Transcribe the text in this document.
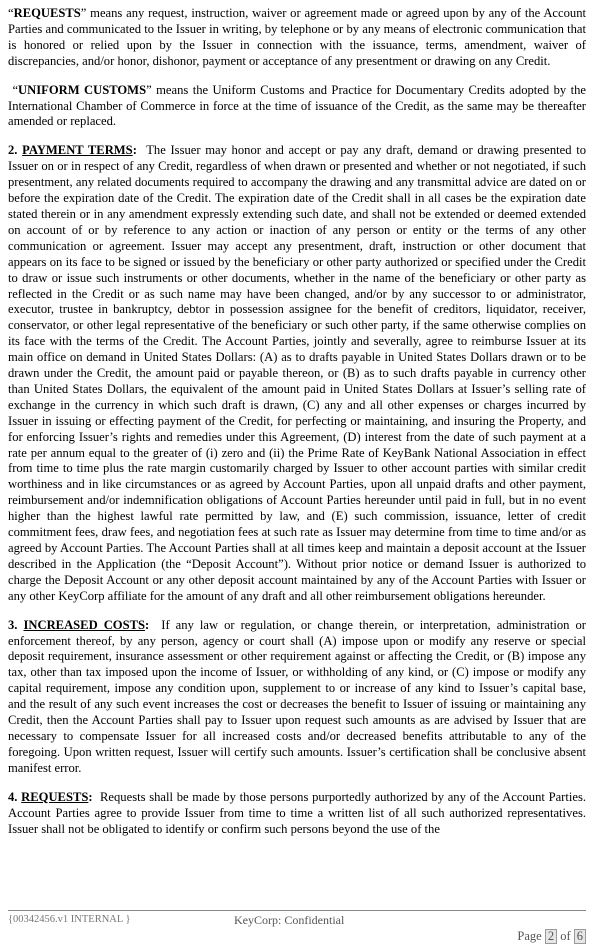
“REQUESTS” means any request, instruction, waiver or agreement made or agreed upon by any of the Account Parties and communicated to the Issuer in writing, by telephone or by any means of electronic communication that is honored or relied upon by the Issuer in connection with the issuance, terms, amendment, waiver of discrepancies, and/or honor, dishonor, payment or acceptance of any presentment or drawing on any Credit.

“UNIFORM CUSTOMS” means the Uniform Customs and Practice for Documentary Credits adopted by the International Chamber of Commerce in force at the time of issuance of the Credit, as the same may be thereafter amended or replaced.

2. PAYMENT TERMS: The Issuer may honor and accept or pay any draft, demand or drawing presented to Issuer on or in respect of any Credit, regardless of when drawn or presented and whether or not negotiated, if such presentment, any related documents required to accompany the drawing and any transmittal advice are dated on or before the expiration date of the Credit. The expiration date of the Credit shall in all cases be the expiration date stated therein or in any amendment expressly extending such date, and shall not be extended or deemed extended on account of or by reference to any action or inaction of any person or entity or the terms of any other communication or agreement. Issuer may accept any presentment, draft, instruction or other document that appears on its face to be signed or issued by the beneficiary or other party authorized or specified under the Credit to draw or issue such instruments or other documents, whether in the name of the beneficiary or other party as reflected in the Credit or as such name may have been changed, and/or by any successor to or administrator, executor, trustee in bankruptcy, debtor in possession assignee for the benefit of creditors, liquidator, receiver, conservator, or other legal representative of the beneficiary or such other party, if the same otherwise complies on its face with the terms of the Credit. The Account Parties, jointly and severally, agree to reimburse Issuer at its main office on demand in United States Dollars: (A) as to drafts payable in United States Dollars drawn or to be drawn under the Credit, the amount paid or payable thereon, or (B) as to such drafts payable in currency other than United States Dollars, the equivalent of the amount paid in United States Dollars at Issuer’s selling rate of exchange in the currency in which such draft is drawn, (C) any and all other expenses or charges incurred by Issuer in issuing or effecting payment of the Credit, for perfecting or maintaining, and insuring the Property, and for enforcing Issuer’s rights and remedies under this Agreement, (D) interest from the date of such payment at a rate per annum equal to the greater of (i) zero and (ii) the Prime Rate of KeyBank National Association in effect from time to time plus the rate margin customarily charged by Issuer to other account parties with similar credit worthiness and in like circumstances or as agreed by Account Parties, upon all unpaid drafts and other payment, reimbursement and/or indemnification obligations of Account Parties hereunder until paid in full, but in no event higher than the highest lawful rate permitted by law, and (E) such commission, issuance, letter of credit commitment fees, draw fees, and negotiation fees at such rate as Issuer may determine from time to time and/or as agreed by Account Parties. The Account Parties shall at all times keep and maintain a deposit account at the Issuer described in the Application (the “Deposit Account”). Without prior notice or demand Issuer is authorized to charge the Deposit Account or any other deposit account maintained by any of the Account Parties with Issuer or any other KeyCorp affiliate for the amount of any draft and all other reimbursement obligations hereunder.

3. INCREASED COSTS: If any law or regulation, or change therein, or interpretation, administration or enforcement thereof, by any person, agency or court shall (A) impose upon or modify any reserve or special deposit requirement, insurance assessment or other requirement against or affecting the Credit, or (B) impose any tax, other than tax imposed upon the income of Issuer, or withholding of any kind, or (C) impose or modify any capital requirement, impose any condition upon, supplement to or increase of any kind to Issuer’s capital base, and the result of any such event increases the cost or decreases the benefit to Issuer of issuing or maintaining any Credit, then the Account Parties shall pay to Issuer upon request such amounts as are advised by Issuer that are necessary to compensate Issuer for all increased costs and/or decreased benefits attributable to any of the foregoing. Upon written request, Issuer will certify such amounts. Issuer’s certification shall be conclusive absent manifest error.

4. REQUESTS: Requests shall be made by those persons purportedly authorized by any of the Account Parties. Account Parties agree to provide Issuer from time to time a written list of all such authorized representatives. Issuer shall not be obligated to identify or confirm such persons beyond the use of the

{00342456.v1 INTERNAL }	KeyCorp: Confidential
Page 2 of 6
